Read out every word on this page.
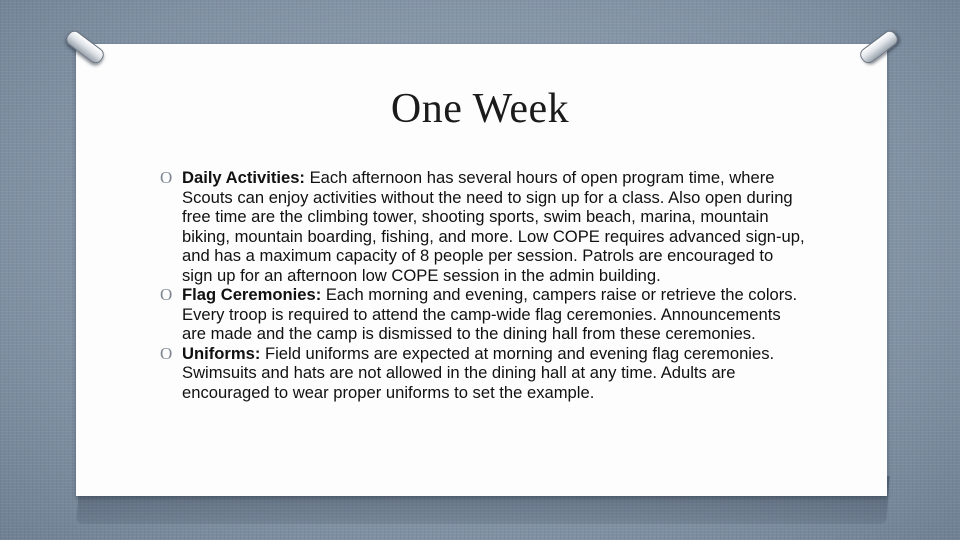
One Week
O Daily Activities: Each afternoon has several hours of open program time, where Scouts can enjoy activities without the need to sign up for a class. Also open during free time are the climbing tower, shooting sports, swim beach, marina, mountain biking, mountain boarding, fishing, and more. Low COPE requires advanced sign-up, and has a maximum capacity of 8 people per session. Patrols are encouraged to sign up for an afternoon low COPE session in the admin building.
O Flag Ceremonies: Each morning and evening, campers raise or retrieve the colors. Every troop is required to attend the camp-wide flag ceremonies. Announcements are made and the camp is dismissed to the dining hall from these ceremonies.
O Uniforms: Field uniforms are expected at morning and evening flag ceremonies. Swimsuits and hats are not allowed in the dining hall at any time. Adults are encouraged to wear proper uniforms to set the example.
